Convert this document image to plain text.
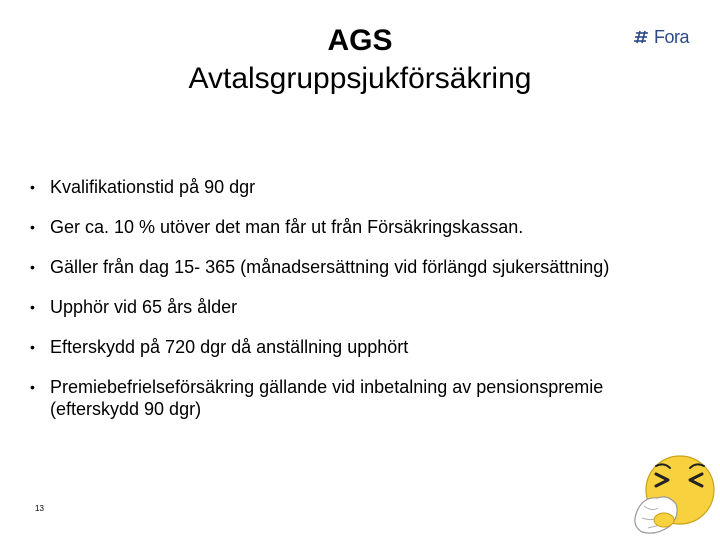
AGS
Avtalsgruppsjukförsäkring
Fora
• Kvalifikationstid på 90 dgr
• Ger ca. 10 % utöver det man får ut från Försäkringskassan.
• Gäller från dag 15- 365 (månadsersättning vid förlängd sjukersättning)
• Upphör vid 65 års ålder
• Efterskydd på 720 dgr då anställning upphört
• Premiebefrielseförsäkring gällande vid inbetalning av pensionspremie
(efterskydd 90 dgr)
13
